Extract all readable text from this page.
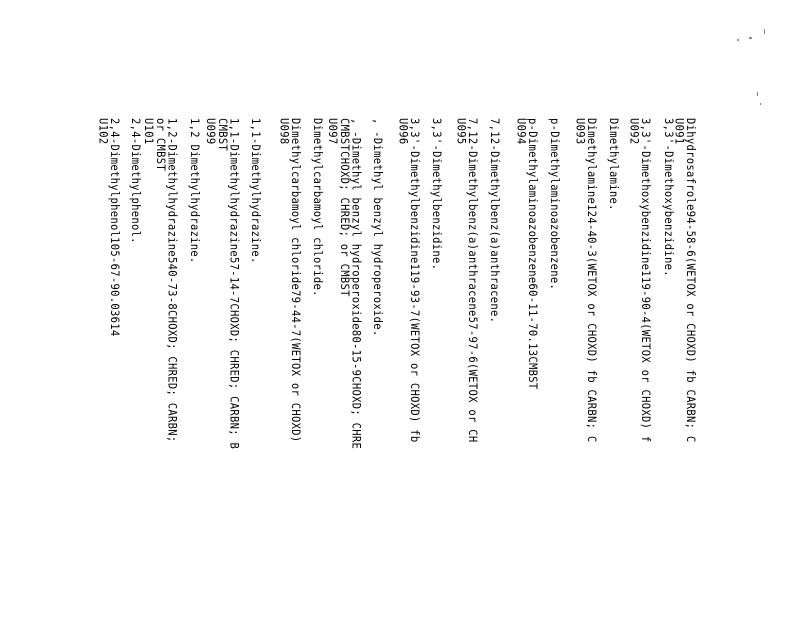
Dihydrosafrole94-58-6(WETOX or CHOXD) fb CARBN; C
U091
3,3'-Dimethoxybenzidine.
3,3'-Dimethoxybenzidine119-90-4(WETOX or CHOXD) f
U092
Dimethylamine.
Dimethylamine124-40-3(WETOX or CHOXD) fb CARBN; C
U093
p-Dimethylaminoazobenzene.
p-Dimethylaminoazobenzene60-11-70.13CMBST
U094
7,12-Dimethylbenz(a)anthracene.
7,12-Dimethylbenz(a)anthracene57-97-6(WETOX or CH
U095
3,3'-Dimethylbenzidine.
3,3'-Dimethylbenzidine119-93-7(WETOX or CHOXD) fb
U096
, -Dimethyl benzyl hydroperoxide.
, -Dimethyl benzyl hydroperoxide80-15-9CHOXD; CHRE
CMBSTCHOXD; CHRED; or CMBST
U097
Dimethylcarbamoyl chloride.
Dimethylcarbamoyl chloride79-44-7(WETOX or CHOXD)
U098
1,1-Dimethylhydrazine.
1,1-Dimethylhydrazine57-14-7CHOXD; CHRED; CARBN; B
CMBST
U099
1,2 Dimethylhydrazine.
1,2-Dimethylhydrazine540-73-8CHOXD; CHRED; CARBN;
or CMBST
U101
2,4-Dimethylphenol.
2,4-Dimethylphenol105-67-90.03614
U102
